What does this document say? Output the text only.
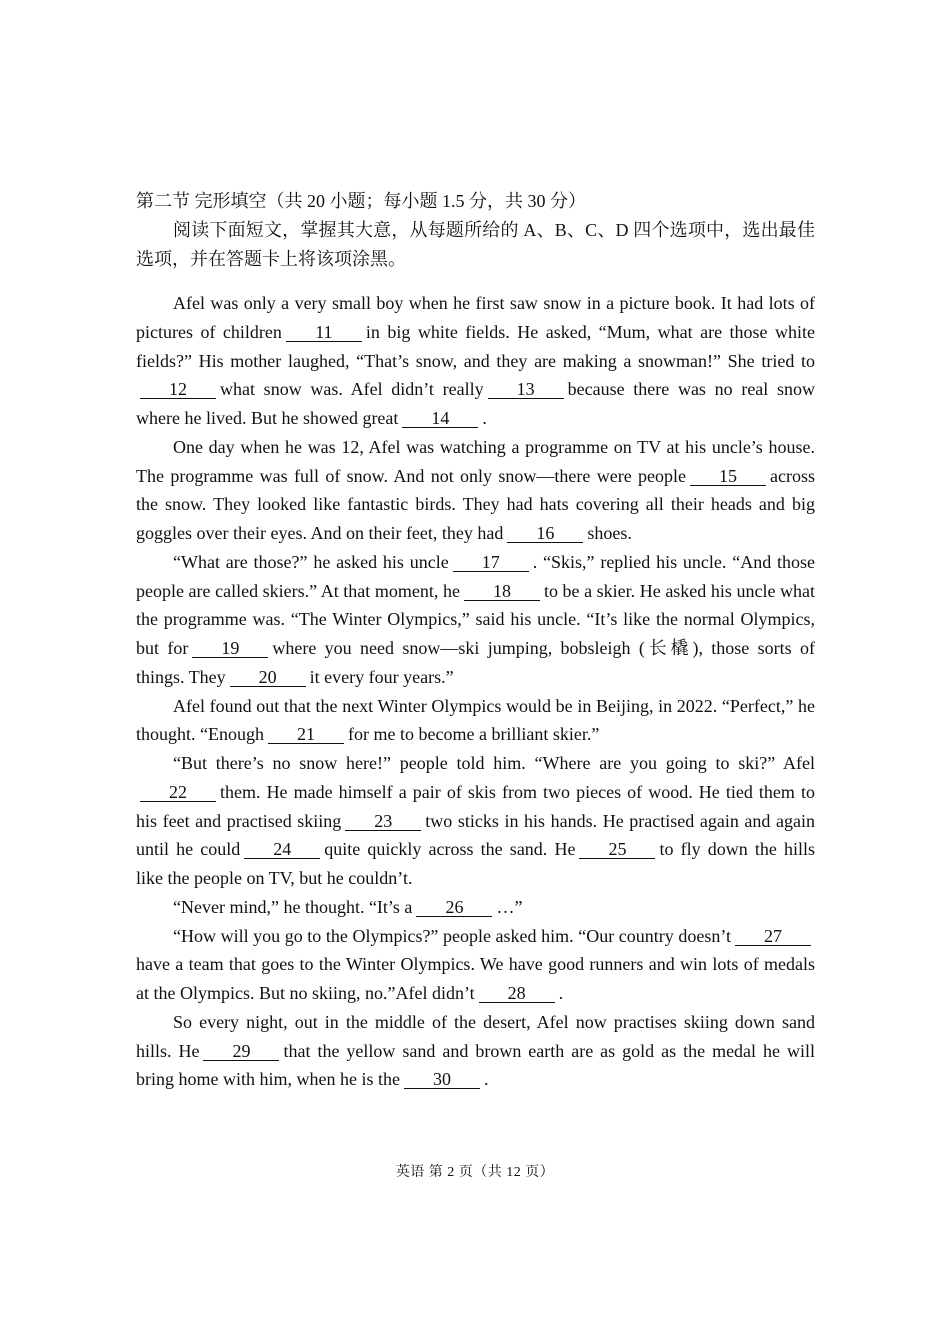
第二节 完形填空（共 20 小题；每小题 1.5 分，共 30 分）
阅读下面短文，掌握其大意，从每题所给的 A、B、C、D 四个选项中，选出最佳选项，并在答题卡上将该项涂黑。

Afel was only a very small boy when he first saw snow in a picture book. It had lots of pictures of children 11 in big white fields. He asked, “Mum, what are those white fields?” His mother laughed, “That’s snow, and they are making a snowman!” She tried to12 what snow was. Afel didn’t really 13 because there was no real snow where he lived. But he showed great 14 .

One day when he was 12, Afel was watching a programme on TV at his uncle’s house. The programme was full of snow. And not only snow—there were people 15 across the snow. They looked like fantastic birds. They had hats covering all their heads and big goggles over their eyes. And on their feet, they had 16 shoes.

“What are those?” he asked his uncle 17 . “Skis,” replied his uncle. “And those people are called skiers.” At that moment, he 18 to be a skier. He asked his uncle what the programme was. “The Winter Olympics,” said his uncle. “It’s like the normal Olympics, but for 19 where you need snow—ski jumping, bobsleigh (长橇), those sorts of things. They 20 it every four years.”

Afel found out that the next Winter Olympics would be in Beijing, in 2022. “Perfect,” he thought. “Enough 21 for me to become a brilliant skier.”

“But there’s no snow here!” people told him. “Where are you going to ski?” Afel22 them. He made himself a pair of skis from two pieces of wood. He tied them to his feet and practised skiing 23 two sticks in his hands. He practised again and again until he could 24 quite quickly across the sand. He 25 to fly down the hills like the people on TV, but he couldn’t.

“Never mind,” he thought. “It’s a 26 …”

“How will you go to the Olympics?” people asked him. “Our country doesn’t 27have a team that goes to the Winter Olympics. We have good runners and win lots of medals at the Olympics. But no skiing, no.”Afel didn’t 28 .

So every night, out in the middle of the desert, Afel now practises skiing down sand hills. He 29 that the yellow sand and brown earth are as gold as the medal he will bring home with him, when he is the 30 .

英语 第 2 页（共 12 页）
